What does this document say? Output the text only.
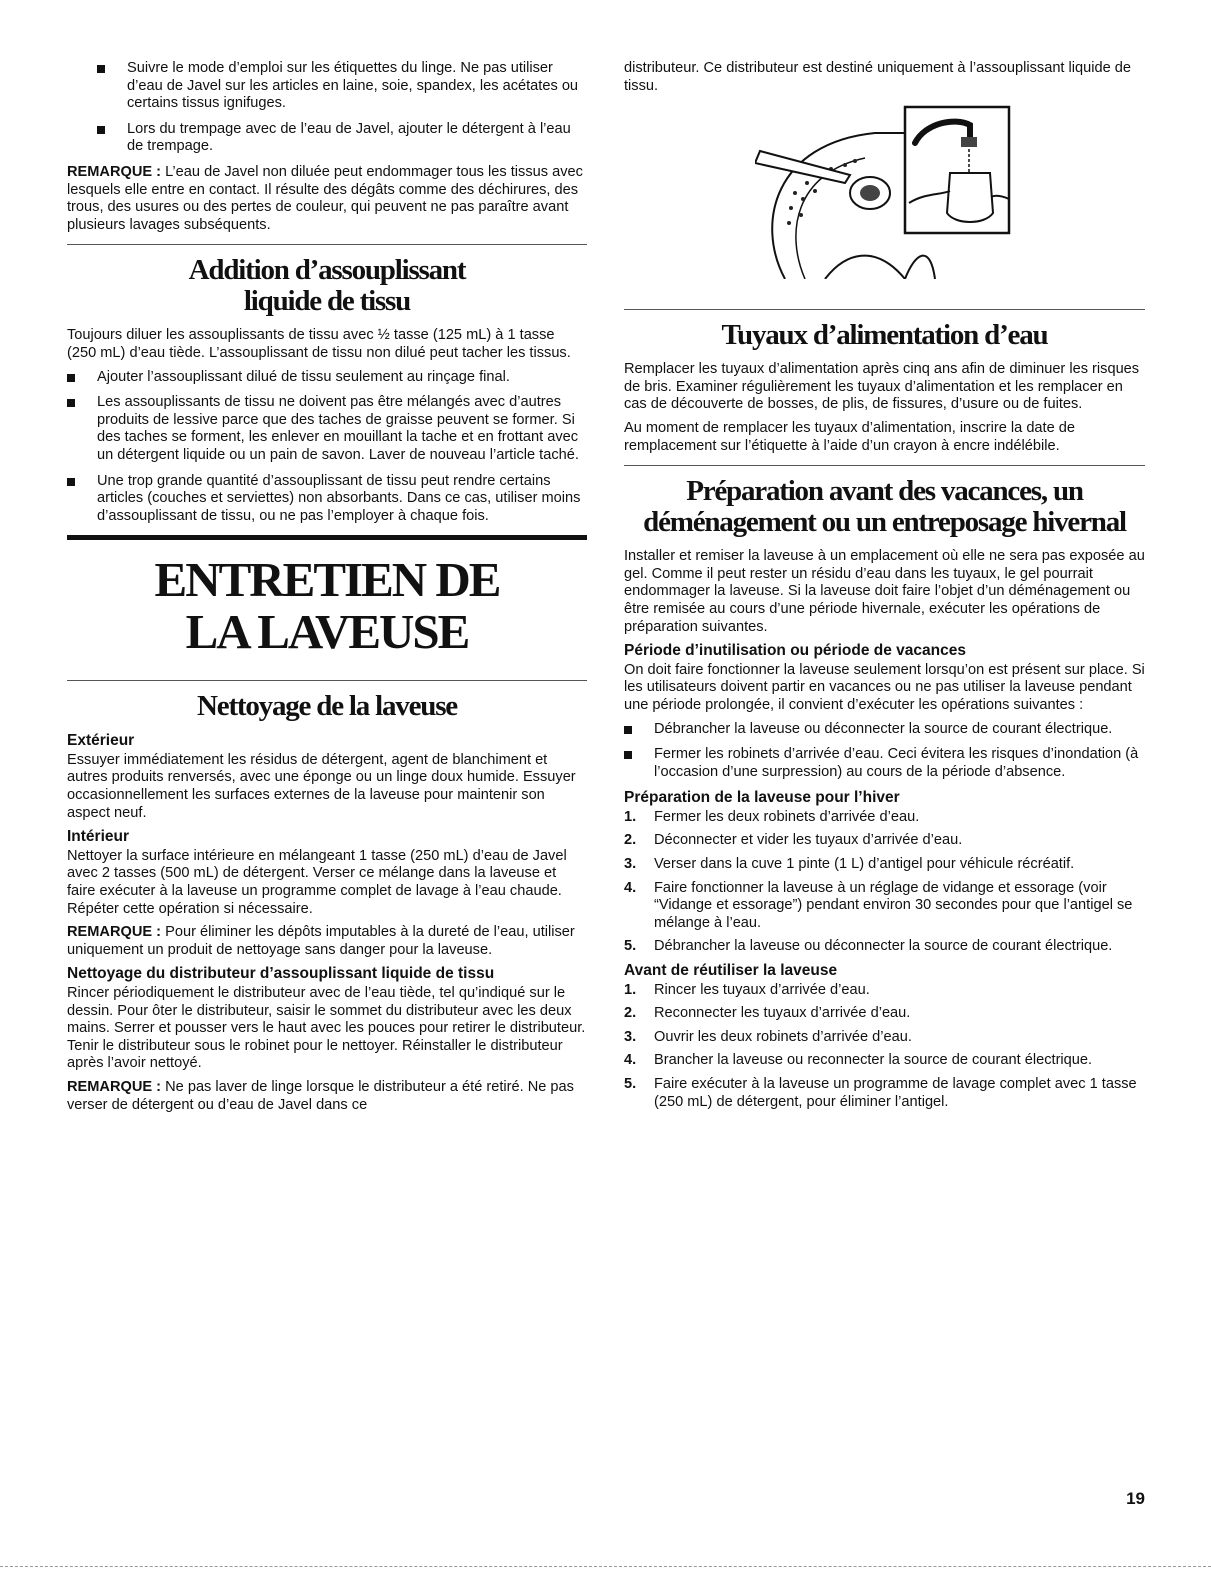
Suivre le mode d’emploi sur les étiquettes du linge. Ne pas utiliser d’eau de Javel sur les articles en laine, soie, spandex, les acétates ou certains tissus ignifuges.
Lors du trempage avec de l’eau de Javel, ajouter le détergent à l’eau de trempage.

REMARQUE : L’eau de Javel non diluée peut endommager tous les tissus avec lesquels elle entre en contact. Il résulte des dégâts comme des déchirures, des trous, des usures ou des pertes de couleur, qui peuvent ne pas paraître avant plusieurs lavages subséquents.

Addition d’assouplissant liquide de tissu

Toujours diluer les assouplissants de tissu avec ½ tasse (125 mL) à 1 tasse (250 mL) d’eau tiède. L’assouplissant de tissu non dilué peut tacher les tissus.

Ajouter l’assouplissant dilué de tissu seulement au rinçage final.
Les assouplissants de tissu ne doivent pas être mélangés avec d’autres produits de lessive parce que des taches de graisse peuvent se former. Si des taches se forment, les enlever en mouillant la tache et en frottant avec un détergent liquide ou un pain de savon. Laver de nouveau l’article taché.
Une trop grande quantité d’assouplissant de tissu peut rendre certains articles (couches et serviettes) non absorbants. Dans ce cas, utiliser moins d’assouplissant de tissu, ou ne pas l’employer à chaque fois.
ENTRETIEN DE LA LAVEUSE
Nettoyage de la laveuse
Extérieur

Essuyer immédiatement les résidus de détergent, agent de blanchiment et autres produits renversés, avec une éponge ou un linge doux humide. Essuyer occasionnellement les surfaces externes de la laveuse pour maintenir son aspect neuf.

Intérieur

Nettoyer la surface intérieure en mélangeant 1 tasse (250 mL) d’eau de Javel avec 2 tasses (500 mL) de détergent. Verser ce mélange dans la laveuse et faire exécuter à la laveuse un programme complet de lavage à l’eau chaude. Répéter cette opération si nécessaire.

REMARQUE : Pour éliminer les dépôts imputables à la dureté de l’eau, utiliser uniquement un produit de nettoyage sans danger pour la laveuse.

Nettoyage du distributeur d’assouplissant liquide de tissu

Rincer périodiquement le distributeur avec de l’eau tiède, tel qu’indiqué sur le dessin. Pour ôter le distributeur, saisir le sommet du distributeur avec les deux mains. Serrer et pousser vers le haut avec les pouces pour retirer le distributeur. Tenir le distributeur sous le robinet pour le nettoyer. Réinstaller le distributeur après l’avoir nettoyé.

REMARQUE : Ne pas laver de linge lorsque le distributeur a été retiré. Ne pas verser de détergent ou d’eau de Javel dans ce

distributeur. Ce distributeur est destiné uniquement à l’assouplissant liquide de tissu.

Tuyaux d’alimentation d’eau

Remplacer les tuyaux d’alimentation après cinq ans afin de diminuer les risques de bris. Examiner régulièrement les tuyaux d’alimentation et les remplacer en cas de découverte de bosses, de plis, de fissures, d’usure ou de fuites.

Au moment de remplacer les tuyaux d’alimentation, inscrire la date de remplacement sur l’étiquette à l’aide d’un crayon à encre indélébile.

Préparation avant des vacances, un déménagement ou un entreposage hivernal

Installer et remiser la laveuse à un emplacement où elle ne sera pas exposée au gel. Comme il peut rester un résidu d’eau dans les tuyaux, le gel pourrait endommager la laveuse. Si la laveuse doit faire l’objet d’un déménagement ou être remisée au cours d’une période hivernale, exécuter les opérations de préparation suivantes.

Période d’inutilisation ou période de vacances

On doit faire fonctionner la laveuse seulement lorsqu’on est présent sur place. Si les utilisateurs doivent partir en vacances ou ne pas utiliser la laveuse pendant une période prolongée, il convient d’exécuter les opérations suivantes :

Débrancher la laveuse ou déconnecter la source de courant électrique.
Fermer les robinets d’arrivée d’eau. Ceci évitera les risques d’inondation (à l’occasion d’une surpression) au cours de la période d’absence.
Préparation de la laveuse pour l’hiver
1. Fermer les deux robinets d’arrivée d’eau.
2. Déconnecter et vider les tuyaux d’arrivée d’eau.
3. Verser dans la cuve 1 pinte (1 L) d’antigel pour véhicule récréatif.
4. Faire fonctionner la laveuse à un réglage de vidange et essorage (voir “Vidange et essorage”) pendant environ 30 secondes pour que l’antigel se mélange à l’eau.
5. Débrancher la laveuse ou déconnecter la source de courant électrique.
Avant de réutiliser la laveuse
1. Rincer les tuyaux d’arrivée d’eau.
2. Reconnecter les tuyaux d’arrivée d’eau.
3. Ouvrir les deux robinets d’arrivée d’eau.
4. Brancher la laveuse ou reconnecter la source de courant électrique.
5. Faire exécuter à la laveuse un programme de lavage complet avec 1 tasse (250 mL) de détergent, pour éliminer l’antigel.
19
